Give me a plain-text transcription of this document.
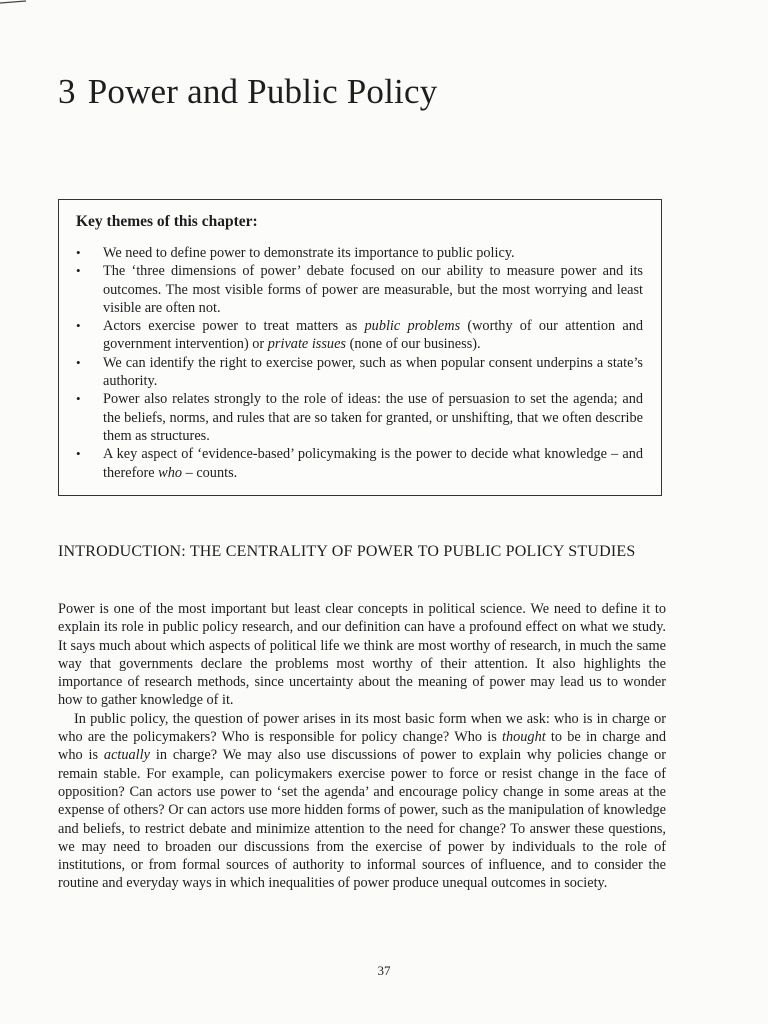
3 Power and Public Policy
Key themes of this chapter:
• We need to define power to demonstrate its importance to public policy.
• The ‘three dimensions of power’ debate focused on our ability to measure power and its outcomes. The most visible forms of power are measurable, but the most worrying and least visible are often not.
• Actors exercise power to treat matters as public problems (worthy of our attention and government intervention) or private issues (none of our business).
• We can identify the right to exercise power, such as when popular consent underpins a state’s authority.
• Power also relates strongly to the role of ideas: the use of persuasion to set the agenda; and the beliefs, norms, and rules that are so taken for granted, or unshifting, that we often describe them as structures.
• A key aspect of ‘evidence-based’ policymaking is the power to decide what knowledge – and therefore who – counts.
INTRODUCTION: THE CENTRALITY OF POWER TO PUBLIC POLICY STUDIES

Power is one of the most important but least clear concepts in political science. We need to define it to explain its role in public policy research, and our definition can have a profound effect on what we study. It says much about which aspects of political life we think are most worthy of research, in much the same way that governments declare the problems most worthy of their attention. It also highlights the importance of research methods, since uncertainty about the meaning of power may lead us to wonder how to gather knowledge of it.

In public policy, the question of power arises in its most basic form when we ask: who is in charge or who are the policymakers? Who is responsible for policy change? Who is thought to be in charge and who is actually in charge? We may also use discussions of power to explain why policies change or remain stable. For example, can policymakers exercise power to force or resist change in the face of opposition? Can actors use power to ‘set the agenda’ and encourage policy change in some areas at the expense of others? Or can actors use more hidden forms of power, such as the manipulation of knowledge and beliefs, to restrict debate and minimize attention to the need for change? To answer these questions, we may need to broaden our discussions from the exercise of power by individuals to the role of institutions, or from formal sources of authority to informal sources of influence, and to consider the routine and everyday ways in which inequalities of power produce unequal outcomes in society.

37
